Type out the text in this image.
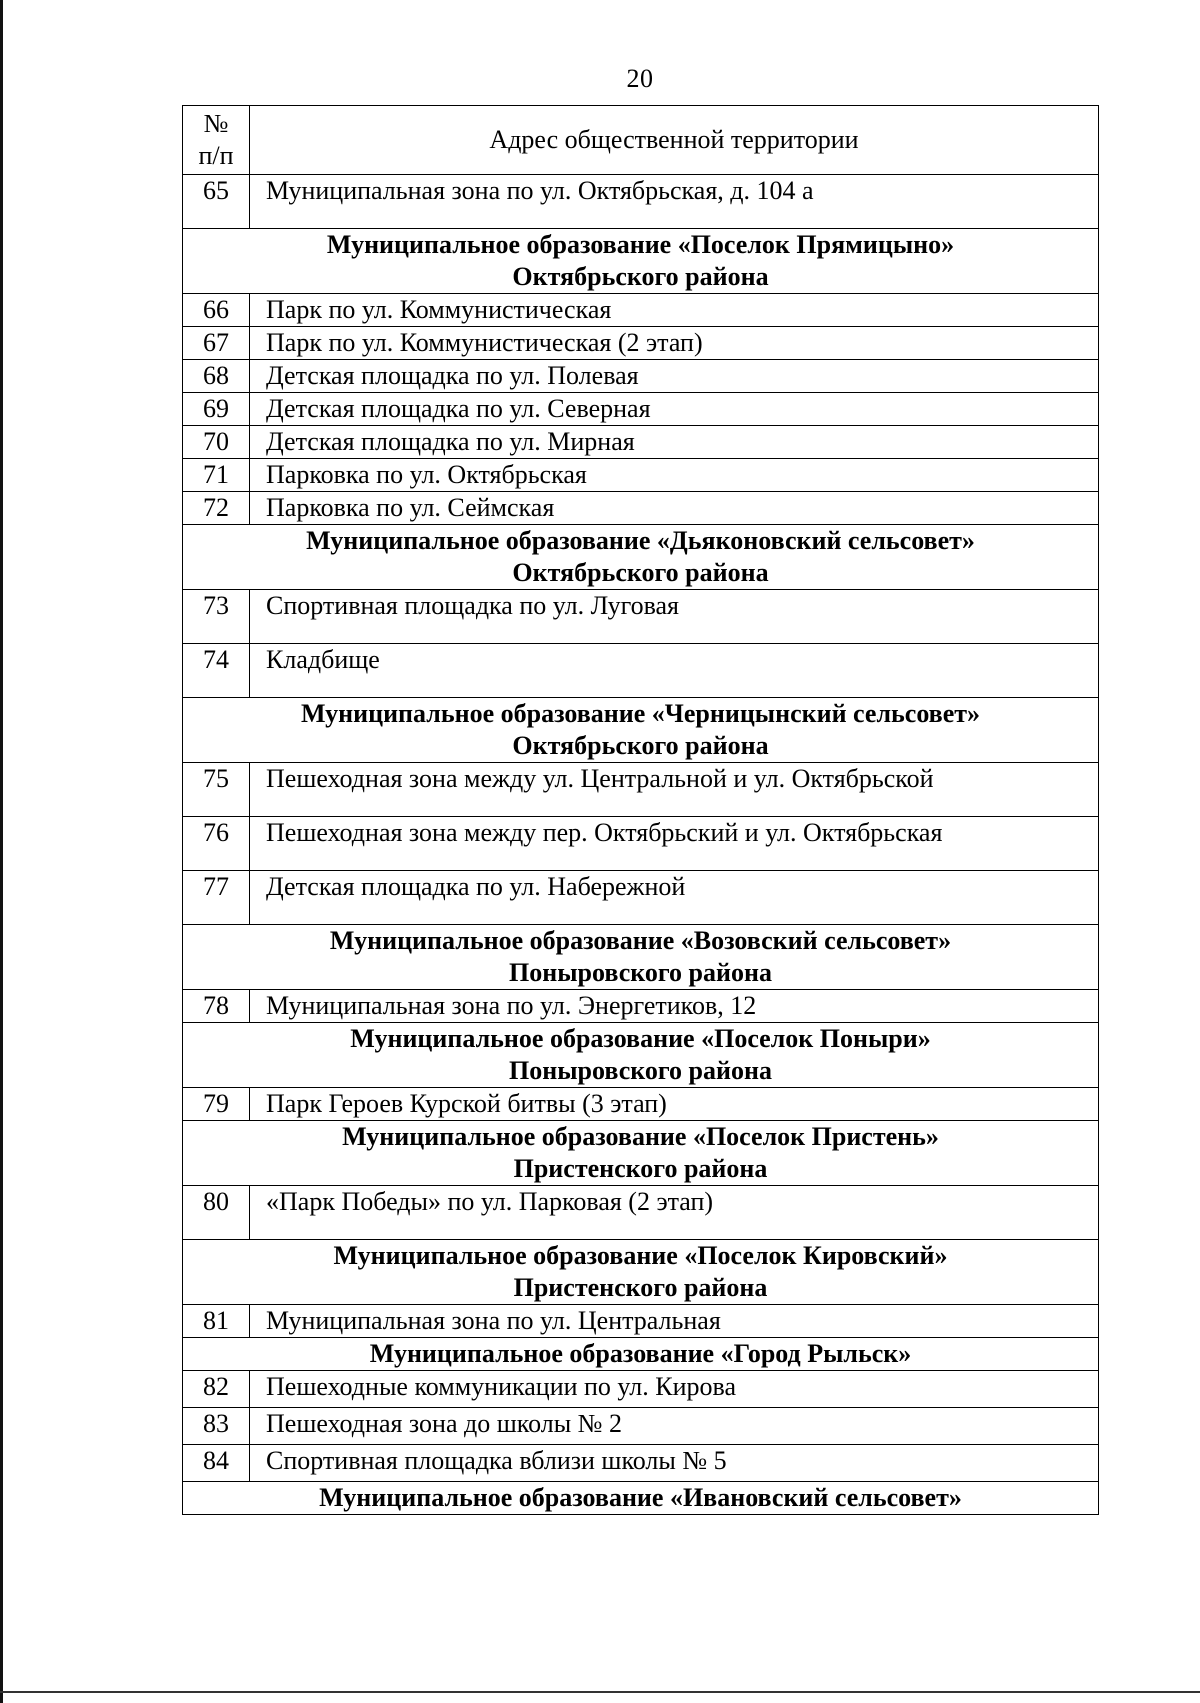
20
№
п/п	Адрес общественной территории
65	Муниципальная зона по ул. Октябрьская, д. 104 а

Муниципальное образование «Поселок Прямицыно»
Октябрьского района	

66	Парк по ул. Коммунистическая
67	Парк по ул. Коммунистическая (2 этап)
68	Детская площадка по ул. Полевая
69	Детская площадка по ул. Северная
70	Детская площадка по ул. Мирная
71	Парковка по ул. Октябрьская
72	Парковка по ул. Сеймская

Муниципальное образование «Дьяконовский сельсовет»
Октябрьского района	

73	Спортивная площадка по ул. Луговая
74	Кладбище

Муниципальное образование «Черницынский сельсовет»
Октябрьского района	

75	Пешеходная зона между ул. Центральной и ул. Октябрьской
76	Пешеходная зона между пер. Октябрьский и ул. Октябрьская
77	Детская площадка по ул. Набережной

Муниципальное образование «Возовский сельсовет»
Поныровского района	

78	Муниципальная зона по ул. Энергетиков, 12

Муниципальное образование «Поселок Поныри»
Поныровского района	

79	Парк Героев Курской битвы (3 этап)

Муниципальное образование «Поселок Пристень»
Пристенского района	

80	«Парк Победы» по ул. Парковая (2 этап)

Муниципальное образование «Поселок Кировский»
Пристенского района	

81	Муниципальная зона по ул. Центральная

Муниципальное образование «Город Рыльск»	

82	Пешеходные коммуникации по ул. Кирова
83	Пешеходная зона до школы № 2
84	Спортивная площадка вблизи школы № 5

Муниципальное образование «Ивановский сельсовет»	
